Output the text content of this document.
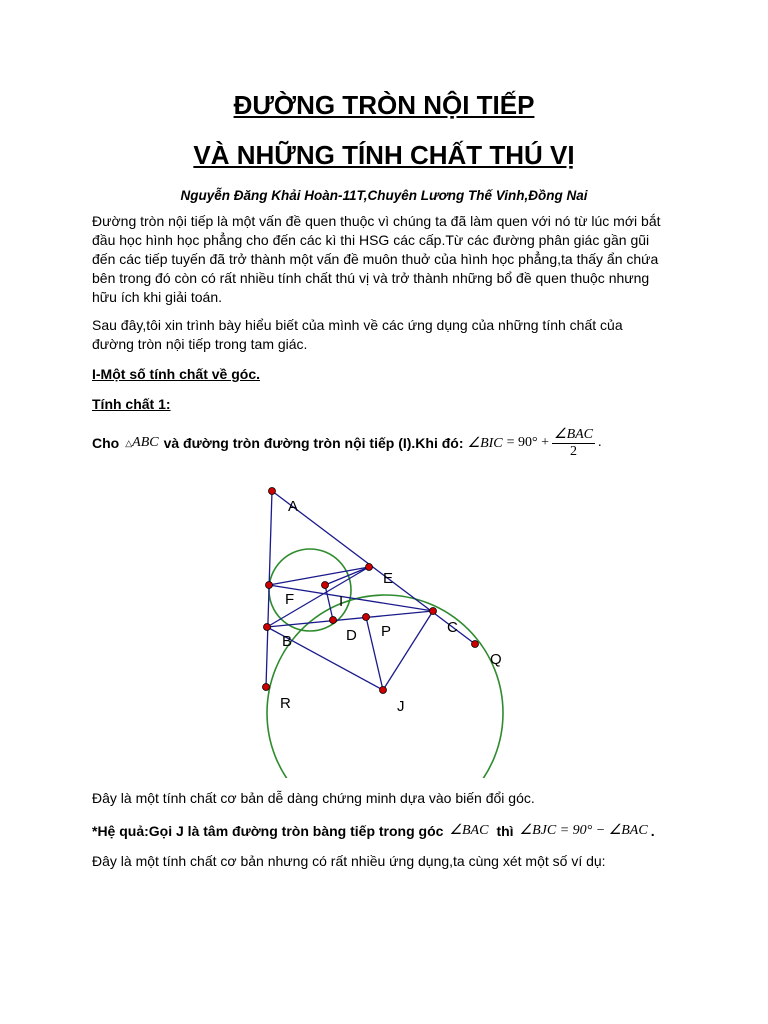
ĐƯỜNG TRÒN NỘI TIẾP
VÀ NHỮNG TÍNH CHẤT THÚ VỊ
Nguyễn Đăng Khải Hoàn-11T,Chuyên Lương Thế Vinh,Đồng Nai
Đường tròn nội tiếp là một vấn đề quen thuộc vì chúng ta đã làm quen với nó từ lúc mới bắt
đầu học hình học phẳng cho đến các kì thi HSG các cấp.Từ các đường phân giác gần gũi
đến các tiếp tuyến đã trở thành một vấn đề muôn thuở của hình học phẳng,ta thấy ẩn chứa
bên trong đó còn có rất nhiều tính chất thú vị và trở thành những bổ đề quen thuộc nhưng
hữu ích khi giải toán.
Sau đây,tôi xin trình bày hiểu biết của mình về các ứng dụng của những tính chất của
đường tròn nội tiếp trong tam giác.
I-Một số tính chất về góc.
Tính chất 1:
Cho △ ABC và đường tròn đường tròn nội tiếp (I).Khi đó: ∠BIC = $90^\circ + \frac{\text{∠BAC}}{2}$ .
A
E
F	I
B	D P	C
Q
R	J
Đây là một tính chất cơ bản dễ dàng chứng minh dựa vào biến đổi góc.
*Hệ quả:Gọi J là tâm đường tròn bàng tiếp trong góc ∠BAC thì ∠BJC = 90° − ∠BAC .
Đây là một tính chất cơ bản nhưng có rất nhiều ứng dụng,ta cùng xét một số ví dụ:
